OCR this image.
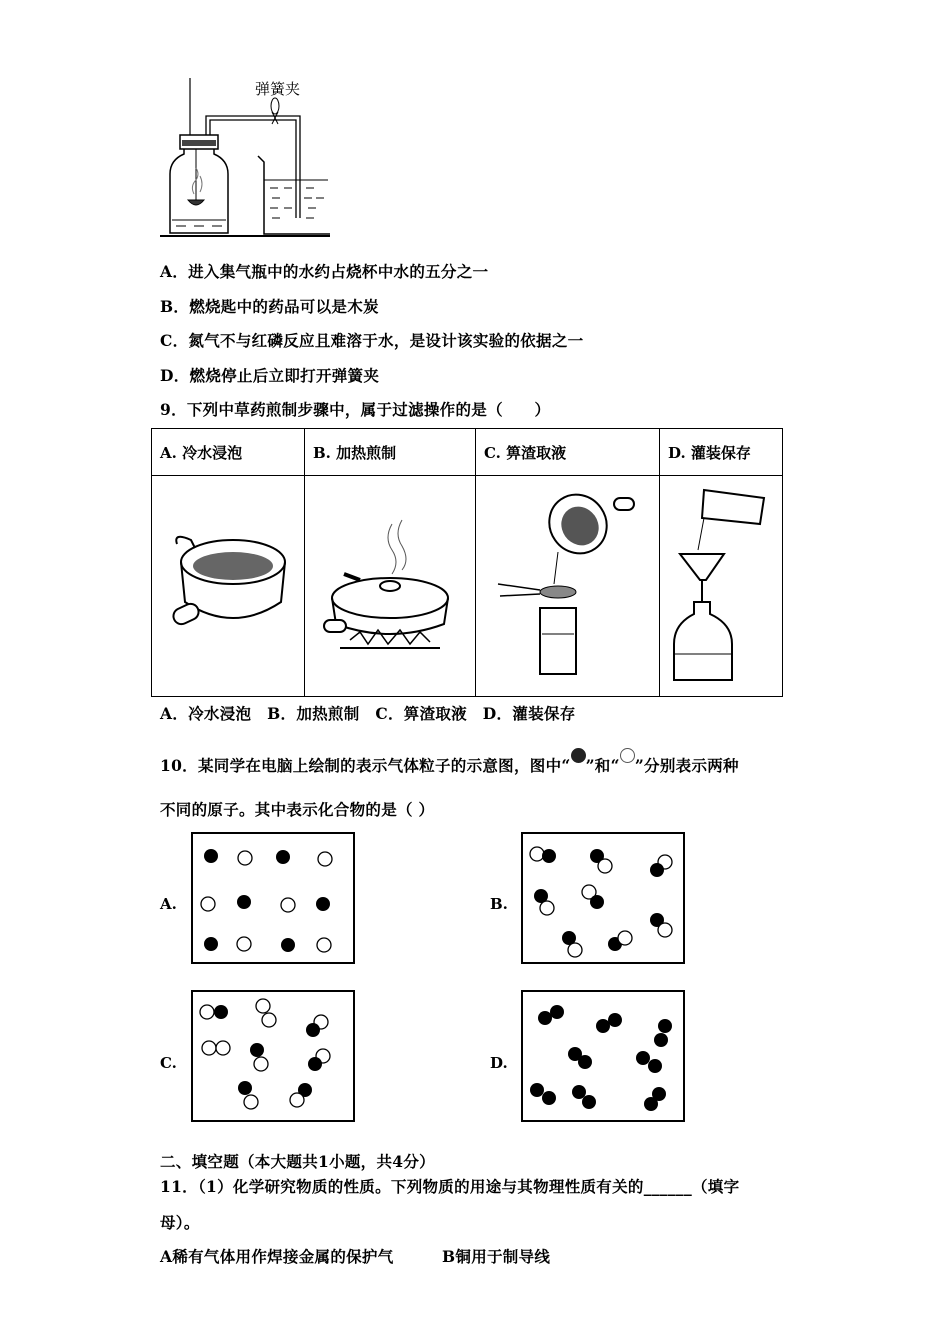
弹簧夹
A．进入集气瓶中的水约占烧杯中水的五分之一
B．燃烧匙中的药品可以是木炭
C．氮气不与红磷反应且难溶于水，是设计该实验的依据之一
D．燃烧停止后立即打开弹簧夹
9．下列中草药煎制步骤中，属于过滤操作的是（　　）
A. 冷水浸泡	B. 加热煎制	C. 箅渣取液	D. 灌装保存

A．冷水浸泡　B．加热煎制　C．箅渣取液　D．灌装保存
10．某同学在电脑上绘制的表示气体粒子的示意图，图中“ ”和“ ”分别表示两种
不同的原子。其中表示化合物的是（ ）
A.	B.
C.	D.
二、填空题（本大题共1小题，共4分）
11．（1）化学研究物质的性质。下列物质的用途与其物理性质有关的______（填字
母）。
A稀有气体用作焊接金属的保护气	B铜用于制导线
